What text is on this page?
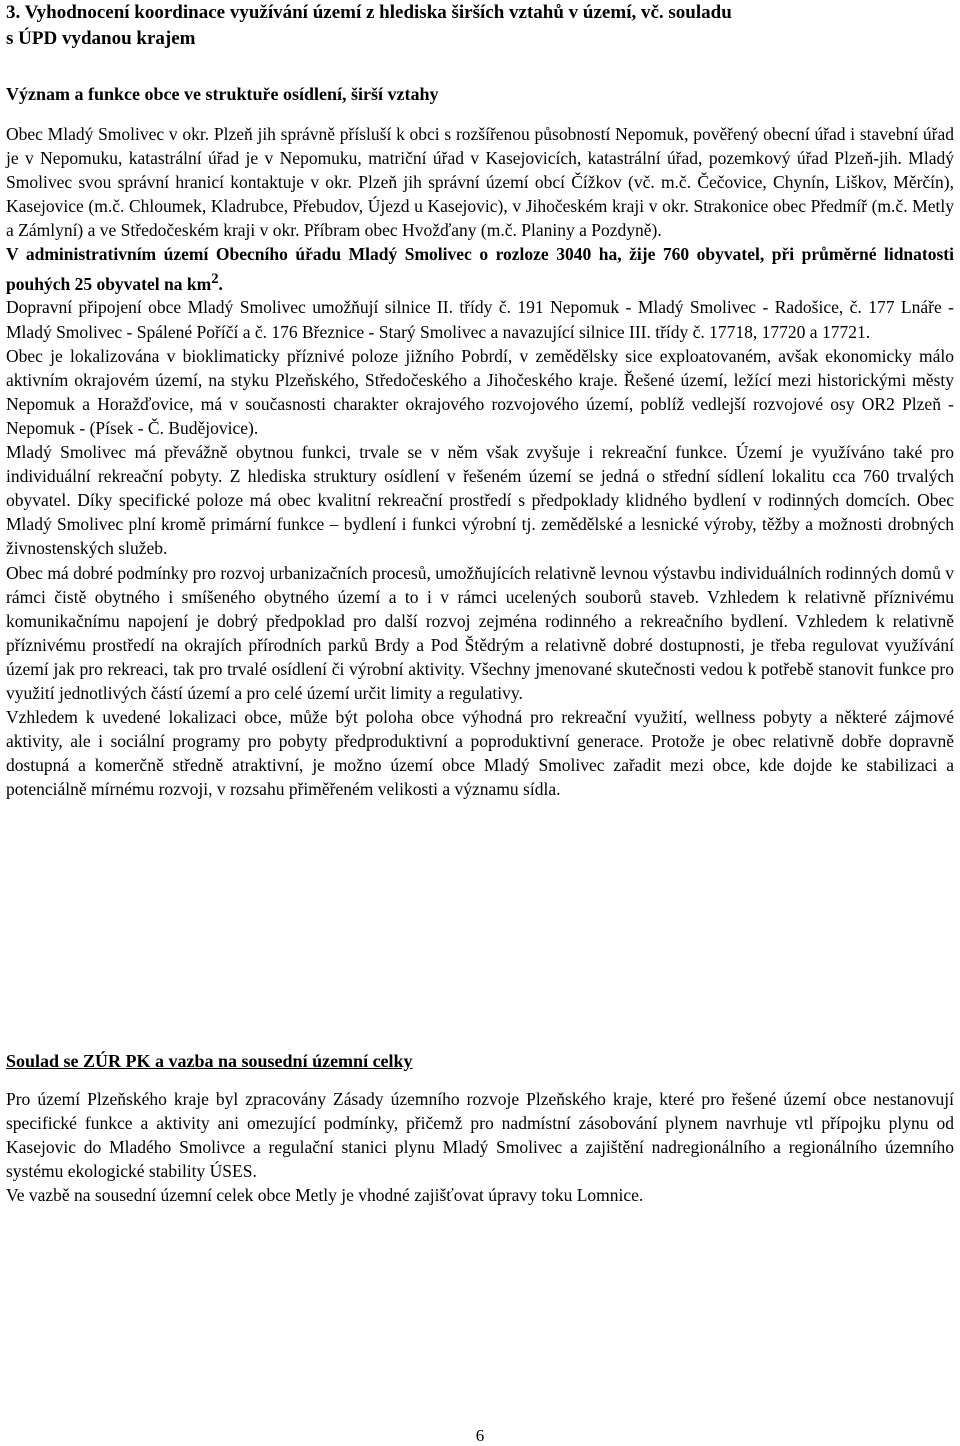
3. Vyhodnocení koordinace využívání území z hlediska širších vztahů v území, vč. souladu
s ÚPD vydanou krajem
Význam a funkce obce ve struktuře osídlení, širší vztahy

Obec Mladý Smolivec v okr. Plzeň jih správně přísluší k obci s rozšířenou působností Nepomuk, pověřený obecní úřad i stavební úřad je v Nepomuku, katastrální úřad je v Nepomuku, matriční úřad v Kasejovicích, katastrální úřad, pozemkový úřad Plzeň-jih. Mladý Smolivec svou správní hranicí kontaktuje v okr. Plzeň jih správní území obcí Čížkov (vč. m.č. Čečovice, Chynín, Liškov, Měrčín), Kasejovice (m.č. Chloumek, Kladrubce, Přebudov, Újezd u Kasejovic), v Jihočeském kraji v okr. Strakonice obec Předmíř (m.č. Metly a Zámlyní) a ve Středočeském kraji v okr. Příbram obec Hvožďany (m.č. Planiny a Pozdyně).

V administrativním území Obecního úřadu Mladý Smolivec o rozloze 3040 ha, žije 760 obyvatel, při průměrné lidnatosti pouhých 25 obyvatel na $km^2$.

Dopravní připojení obce Mladý Smolivec umožňují silnice II. třídy č. 191 Nepomuk - Mladý Smolivec - Radošice, č. 177 Lnáře - Mladý Smolivec - Spálené Poříčí a č. 176 Březnice - Starý Smolivec a navazující silnice III. třídy č. 17718, 17720 a 17721.

Obec je lokalizována v bioklimaticky příznivé poloze jižního Pobrdí, v zemědělsky sice exploatovaném, avšak ekonomicky málo aktivním okrajovém území, na styku Plzeňského, Středočeského a Jihočeského kraje. Řešené území, ležící mezi historickými městy Nepomuk a Horažďovice, má v současnosti charakter okrajového rozvojového území, poblíž vedlejší rozvojové osy OR2 Plzeň - Nepomuk - (Písek - Č. Budějovice).

Mladý Smolivec má převážně obytnou funkci, trvale se v něm však zvyšuje i rekreační funkce. Území je využíváno také pro individuální rekreační pobyty. Z hlediska struktury osídlení v řešeném území se jedná o střední sídlení lokalitu cca 760 trvalých obyvatel. Díky specifické poloze má obec kvalitní rekreační prostředí s předpoklady klidného bydlení v rodinných domcích. Obec Mladý Smolivec plní kromě primární funkce – bydlení i funkci výrobní tj. zemědělské a lesnické výroby, těžby a možnosti drobných živnostenských služeb.

Obec má dobré podmínky pro rozvoj urbanizačních procesů, umožňujících relativně levnou výstavbu individuálních rodinných domů v rámci čistě obytného i smíšeného obytného území a to i v rámci ucelených souborů staveb. Vzhledem k relativně příznivému komunikačnímu napojení je dobrý předpoklad pro další rozvoj zejména rodinného a rekreačního bydlení. Vzhledem k relativně příznivému prostředí na okrajích přírodních parků Brdy a Pod Štědrým a relativně dobré dostupnosti, je třeba regulovat využívání území jak pro rekreaci, tak pro trvalé osídlení či výrobní aktivity. Všechny jmenované skutečnosti vedou k potřebě stanovit funkce pro využití jednotlivých částí území a pro celé území určit limity a regulativy.

Vzhledem k uvedené lokalizaci obce, může být poloha obce výhodná pro rekreační využití, wellness pobyty a některé zájmové aktivity, ale i sociální programy pro pobyty předproduktivní a poproduktivní generace. Protože je obec relativně dobře dopravně dostupná a komerčně středně atraktivní, je možno území obce Mladý Smolivec zařadit mezi obce, kde dojde ke stabilizaci a potenciálně mírnému rozvoji, v rozsahu přiměřeném velikosti a významu sídla.

Soulad se ZÚR PK a vazba na sousední územní celky

Pro území Plzeňského kraje byl zpracovány Zásady územního rozvoje Plzeňského kraje, které pro řešené území obce nestanovují specifické funkce a aktivity ani omezující podmínky, přičemž pro nadmístní zásobování plynem navrhuje vtl přípojku plynu od Kasejovic do Mladého Smolivce a regulační stanici plynu Mladý Smolivec a zajištění nadregionálního a regionálního územního systému ekologické stability ÚSES.

Ve vazbě na sousední územní celek obce Metly je vhodné zajišťovat úpravy toku Lomnice.

6
